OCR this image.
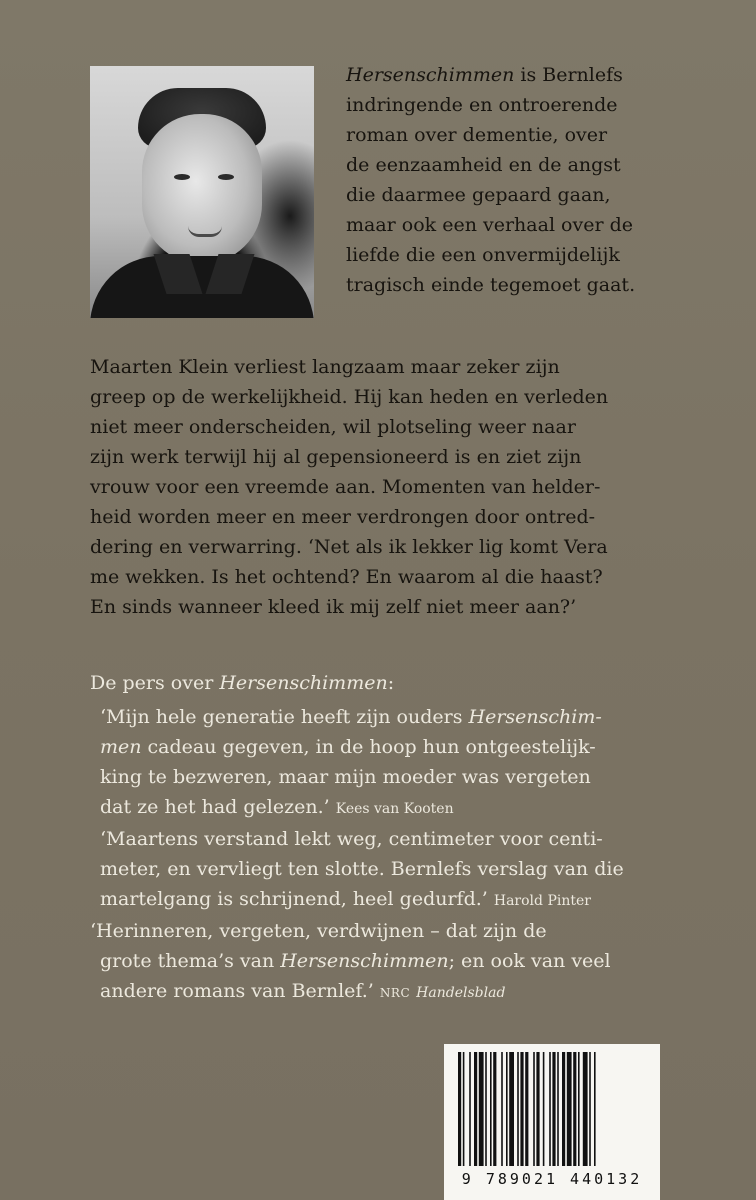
Hersenschimmen is Bernlefs
indringende en ontroerende
roman over dementie, over
de eenzaamheid en de angst
die daarmee gepaard gaan,
maar ook een verhaal over de
liefde die een onvermijdelijk
tragisch einde tegemoet gaat.

Maarten Klein verliest langzaam maar zeker zijn
greep op de werkelijkheid. Hij kan heden en verleden
niet meer onderscheiden, wil plotseling weer naar
zijn werk terwijl hij al gepensioneerd is en ziet zijn
vrouw voor een vreemde aan. Momenten van helder-
heid worden meer en meer verdrongen door ontred-
dering en verwarring. ‘Net als ik lekker lig komt Vera
me wekken. Is het ochtend? En waarom al die haast?
En sinds wanneer kleed ik mij zelf niet meer aan?’

De pers over Hersenschimmen:
‘Mijn hele generatie heeft zijn ouders Hersenschim-
men cadeau gegeven, in de hoop hun ontgeestelijk-
king te bezweren, maar mijn moeder was vergeten
dat ze het had gelezen.’ Kees van Kooten
‘Maartens verstand lekt weg, centimeter voor centi-
meter, en vervliegt ten slotte. Bernlefs verslag van die
martelgang is schrijnend, heel gedurfd.’ Harold Pinter
‘Herinneren, vergeten, verdwijnen – dat zijn de
grote thema’s van Hersenschimmen; en ook van veel
andere romans van Bernlef.’ NRC Handelsblad
9 789021 440132
